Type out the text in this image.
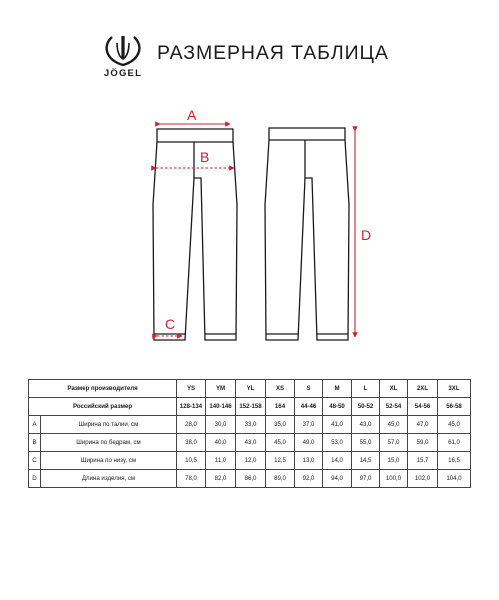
JÖGEL
РАЗМЕРНАЯ ТАБЛИЦА
A
B
C
D
Размер производителя		YS	YM	YL	XS	S	M	L	XL	2XL	3XL
Российский размер		128-134	140-146	152-158	164	44-46	48-50	50-52	52-54	54-56	56-58
A	Ширина по талии, см	28,0	30,0	33,0	35,0	37,0	41,0	43,0	45,0	47,0	45,0
B	Ширина по бедрам, см	38,0	40,0	43,0	45,0	49,0	53,0	55,0	57,0	59,0	61,0
C	Ширина по низу, см	10,5	11,0	12,0	12,5	13,0	14,0	14,5	15,0	15,7	16,5
D	Длина изделия, см	78,0	82,0	86,0	89,0	92,0	94,0	97,0	100,0	102,0	104,0
